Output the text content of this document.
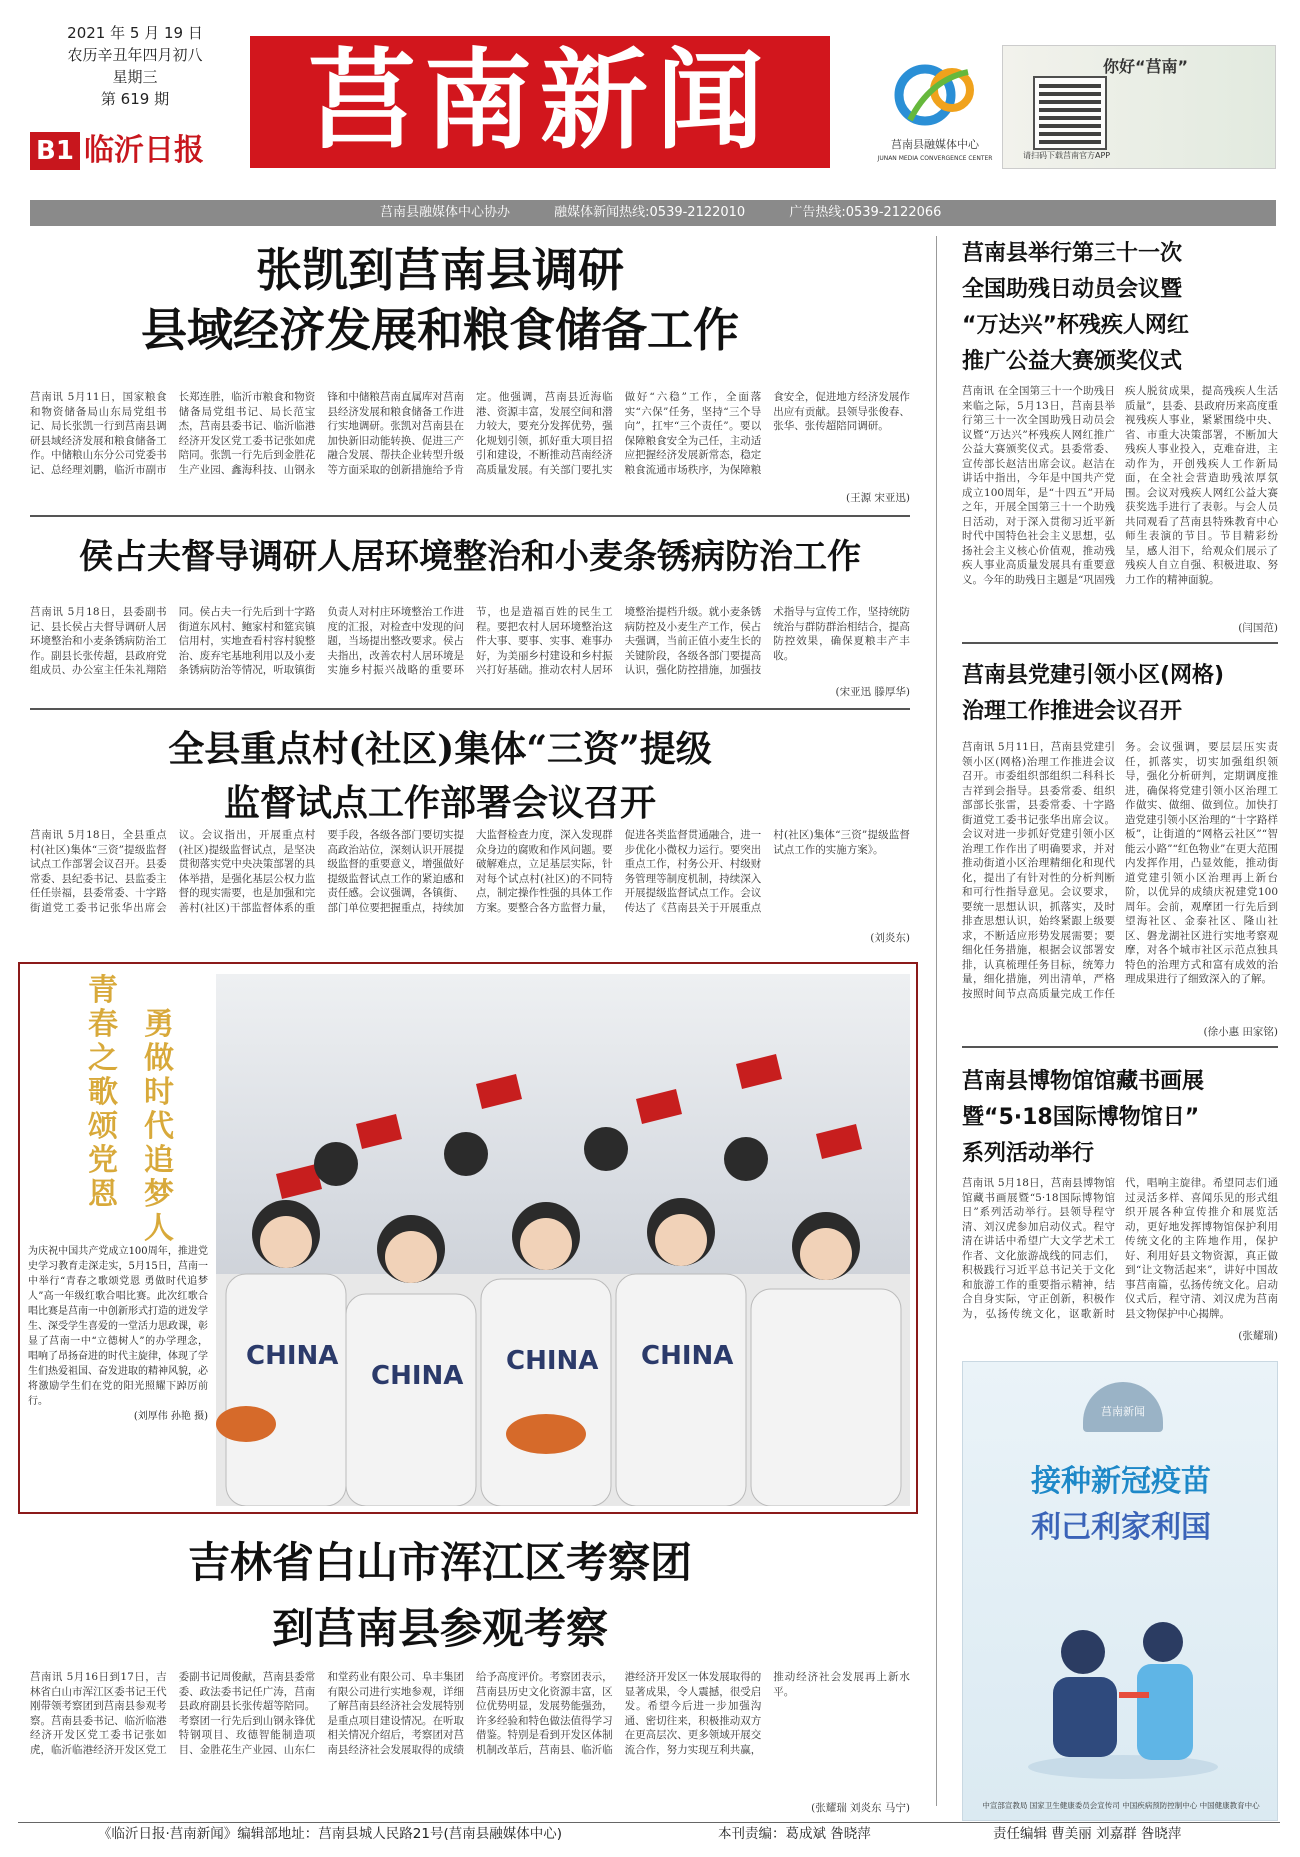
2021 年 5 月 19 日
农历辛丑年四月初八
星期三
第 619 期
B1 临沂日报 莒南新闻	莒南县融媒体中心
JUNAN MEDIA CONVERGENCE CENTER
你好“莒南”
请扫码下载莒南官方APP
莒南县融媒体中心协办	融媒体新闻热线:0539-2122010	广告热线:0539-2122066
张凯到莒南县调研
县域经济发展和粮食储备工作
莒南讯 5月11日，国家粮食和物资储备局山东局党组书记、局长张凯一行到莒南县调研县域经济发展和粮食储备工作。中储粮山东分公司党委书记、总经理刘鹏，临沂市副市长郑连胜，临沂市粮食和物资储备局党组书记、局长范宝杰，莒南县委书记、临沂临港经济开发区党工委书记张如虎陪同。张凯一行先后到金胜花生产业园、鑫海科技、山钢永锋和中储粮莒南直属库对莒南县经济发展和粮食储备工作进行实地调研。张凯对莒南县在加快新旧动能转换、促进三产融合发展、帮扶企业转型升级等方面采取的创新措施给予肯定。他强调，莒南县近海临港、资源丰富，发展空间和潜力较大，要充分发挥优势，强化规划引领，抓好重大项目招引和建设，不断推动莒南经济高质量发展。有关部门要扎实做好“六稳”工作，全面落实“六保”任务，坚持“三个导向”，扛牢“三个责任”。要以保障粮食安全为己任，主动适应把握经济发展新常态，稳定粮食流通市场秩序，为保障粮食安全，促进地方经济发展作出应有贡献。县领导张俊春、张华、张传超陪同调研。
(王源 宋亚迅)
侯占夫督导调研人居环境整治和小麦条锈病防治工作
莒南讯 5月18日，县委副书记、县长侯占夫督导调研人居环境整治和小麦条锈病防治工作。副县长张传超，县政府党组成员、办公室主任朱礼翔陪同。侯占夫一行先后到十字路街道东风村、鲍家村和筵宾镇信用村，实地查看村容村貌整治、废弃宅基地利用以及小麦条锈病防治等情况，听取镇街负责人对村庄环境整治工作进度的汇报，对检查中发现的问题，当场提出整改要求。侯占夫指出，改善农村人居环境是实施乡村振兴战略的重要环节，也是造福百姓的民生工程。要把农村人居环境整治这件大事、要事、实事、难事办好，为美丽乡村建设和乡村振兴打好基础。推动农村人居环境整治提档升级。就小麦条锈病防控及小麦生产工作，侯占夫强调，当前正值小麦生长的关键阶段，各级各部门要提高认识，强化防控措施，加强技术指导与宣传工作，坚持统防统治与群防群治相结合，提高防控效果，确保夏粮丰产丰收。
(宋亚迅 滕厚华)
全县重点村(社区)集体“三资”提级
监督试点工作部署会议召开
莒南讯 5月18日，全县重点村(社区)集体“三资”提级监督试点工作部署会议召开。县委常委、县纪委书记、县监委主任任崇福，县委常委、十字路街道党工委书记张华出席会议。会议指出，开展重点村(社区)提级监督试点，是坚决贯彻落实党中央决策部署的具体举措，是强化基层公权力监督的现实需要，也是加强和完善村(社区)干部监督体系的重要手段，各级各部门要切实提高政治站位，深刻认识开展提级监督的重要意义，增强做好提级监督试点工作的紧迫感和责任感。会议强调，各镇街、部门单位要把握重点，持续加大监督检查力度，深入发现群众身边的腐败和作风问题。要破解难点，立足基层实际，针对每个试点村(社区)的不同特点，制定操作性强的具体工作方案。要整合各方监督力量，促进各类监督贯通融合，进一步优化小微权力运行。要突出重点工作，村务公开、村级财务管理等制度机制，持续深入开展提级监督试点工作。会议传达了《莒南县关于开展重点村(社区)集体“三资”提级监督试点工作的实施方案》。
(刘炎东)
青春之歌颂党恩
勇做时代追梦人
为庆祝中国共产党成立100周年，推进党史学习教育走深走实，5月15日，莒南一中举行“青春之歌颂党恩 勇做时代追梦人”高一年级红歌合唱比赛。此次红歌合唱比赛是莒南一中创新形式打造的迸发学生、深受学生喜爱的一堂活力思政课，彰显了莒南一中“立德树人”的办学理念，唱响了昂扬奋进的时代主旋律，体现了学生们热爱祖国、奋发进取的精神风貌，必将激励学生们在党的阳光照耀下踔厉前行。
(刘厚伟 孙艳 摄)
CHINA
CHINA CHINA CHINA
吉林省白山市浑江区考察团
到莒南县参观考察
莒南讯 5月16日到17日，吉林省白山市浑江区委书记王代刚带领考察团到莒南县参观考察。莒南县委书记、临沂临港经济开发区党工委书记张如虎，临沂临港经济开发区党工委副书记周俊献，莒南县委常委、政法委书记任广涛，莒南县政府副县长张传超等陪同。考察团一行先后到山钢永锋优特钢项目、玫德智能制造项目、金胜花生产业园、山东仁和堂药业有限公司、阜丰集团有限公司进行实地参观，详细了解莒南县经济社会发展特别是重点项目建设情况。在听取相关情况介绍后，考察团对莒南县经济社会发展取得的成绩给予高度评价。考察团表示，莒南县历史文化资源丰富，区位优势明显，发展势能强劲，许多经验和特色做法值得学习借鉴。特别是看到开发区体制机制改革后，莒南县、临沂临港经济开发区一体发展取得的显著成果，令人震撼，很受启发。希望今后进一步加强沟通、密切往来，积极推动双方在更高层次、更多领域开展交流合作，努力实现互利共赢，推动经济社会发展再上新水平。
(张耀瑞 刘炎东 马宁)
莒南县举行第三十一次
全国助残日动员会议暨
“万达兴”杯残疾人网红
推广公益大赛颁奖仪式
莒南讯 在全国第三十一个助残日来临之际，5月13日，莒南县举行第三十一次全国助残日动员会议暨“万达兴”杯残疾人网红推广公益大赛颁奖仪式。县委常委、宣传部长赵洁出席会议。赵洁在讲话中指出，今年是中国共产党成立100周年，是“十四五”开局之年，开展全国第三十一个助残日活动，对于深入贯彻习近平新时代中国特色社会主义思想，弘扬社会主义核心价值观，推动残疾人事业高质量发展具有重要意义。今年的助残日主题是“巩固残疾人脱贫成果，提高残疾人生活质量”，县委、县政府历来高度重视残疾人事业，紧紧围绕中央、省、市重大决策部署，不断加大残疾人事业投入，克难奋进，主动作为，开创残疾人工作新局面，在全社会营造助残浓厚氛围。会议对残疾人网红公益大赛获奖选手进行了表彰。与会人员共同观看了莒南县特殊教育中心师生表演的节目。节目精彩纷呈，感人泪下，给观众们展示了残疾人自立自强、积极进取、努力工作的精神面貌。
(闫国范)
莒南县党建引领小区(网格)
治理工作推进会议召开
莒南讯 5月11日，莒南县党建引领小区(网格)治理工作推进会议召开。市委组织部组织二科科长吉祥到会指导。县委常委、组织部部长张雷，县委常委、十字路街道党工委书记张华出席会议。会议对进一步抓好党建引领小区治理工作作出了明确要求，并对推动街道小区治理精细化和现代化，提出了有针对性的分析判断和可行性指导意见。会议要求，要统一思想认识，抓落实，及时排查思想认识，始终紧跟上级要求，不断适应形势发展需要；要细化任务措施，根据会议部署安排，认真梳理任务目标，统筹力量，细化措施，列出清单，严格按照时间节点高质量完成工作任务。会议强调，要层层压实责任，抓落实，切实加强组织领导，强化分析研判，定期调度推进，确保将党建引领小区治理工作做实、做细、做到位。加快打造党建引领小区治理的“十字路样板”，让街道的“网格云社区”“智能云小路”“红色物业”在更大范围内发挥作用，凸显效能，推动街道党建引领小区治理再上新台阶，以优异的成绩庆祝建党100周年。会前，观摩团一行先后到望海社区、金泰社区、隆山社区、磐龙湖社区进行实地考察观摩，对各个城市社区示范点独具特色的治理方式和富有成效的治理成果进行了细致深入的了解。
(徐小惠 田家铭)
莒南县博物馆馆藏书画展
暨“5·18国际博物馆日”
系列活动举行
莒南讯 5月18日，莒南县博物馆馆藏书画展暨“5·18国际博物馆日”系列活动举行。县领导程守清、刘汉虎参加启动仪式。程守清在讲话中希望广大文学艺术工作者、文化旅游战线的同志们，积极践行习近平总书记关于文化和旅游工作的重要指示精神，结合自身实际，守正创新，积极作为，弘扬传统文化，讴歌新时代，唱响主旋律。希望同志们通过灵活多样、喜闻乐见的形式组织开展各种宣传推介和展览活动，更好地发挥博物馆保护利用传统文化的主阵地作用，保护好、利用好县文物资源，真正做到“让文物活起来”，讲好中国故事莒南篇，弘扬传统文化。启动仪式后，程守清、刘汉虎为莒南县文物保护中心揭牌。
(张耀瑞)
莒南新闻
接种新冠疫苗
利己利家利国
中宣部宣教局 国家卫生健康委员会宣传司 中国疾病预防控制中心 中国健康教育中心
《临沂日报·莒南新闻》编辑部地址：莒南县城人民路21号(莒南县融媒体中心)	本刊责编：葛成斌 昝晓萍	责任编辑 曹美丽 刘嘉群 昝晓萍
